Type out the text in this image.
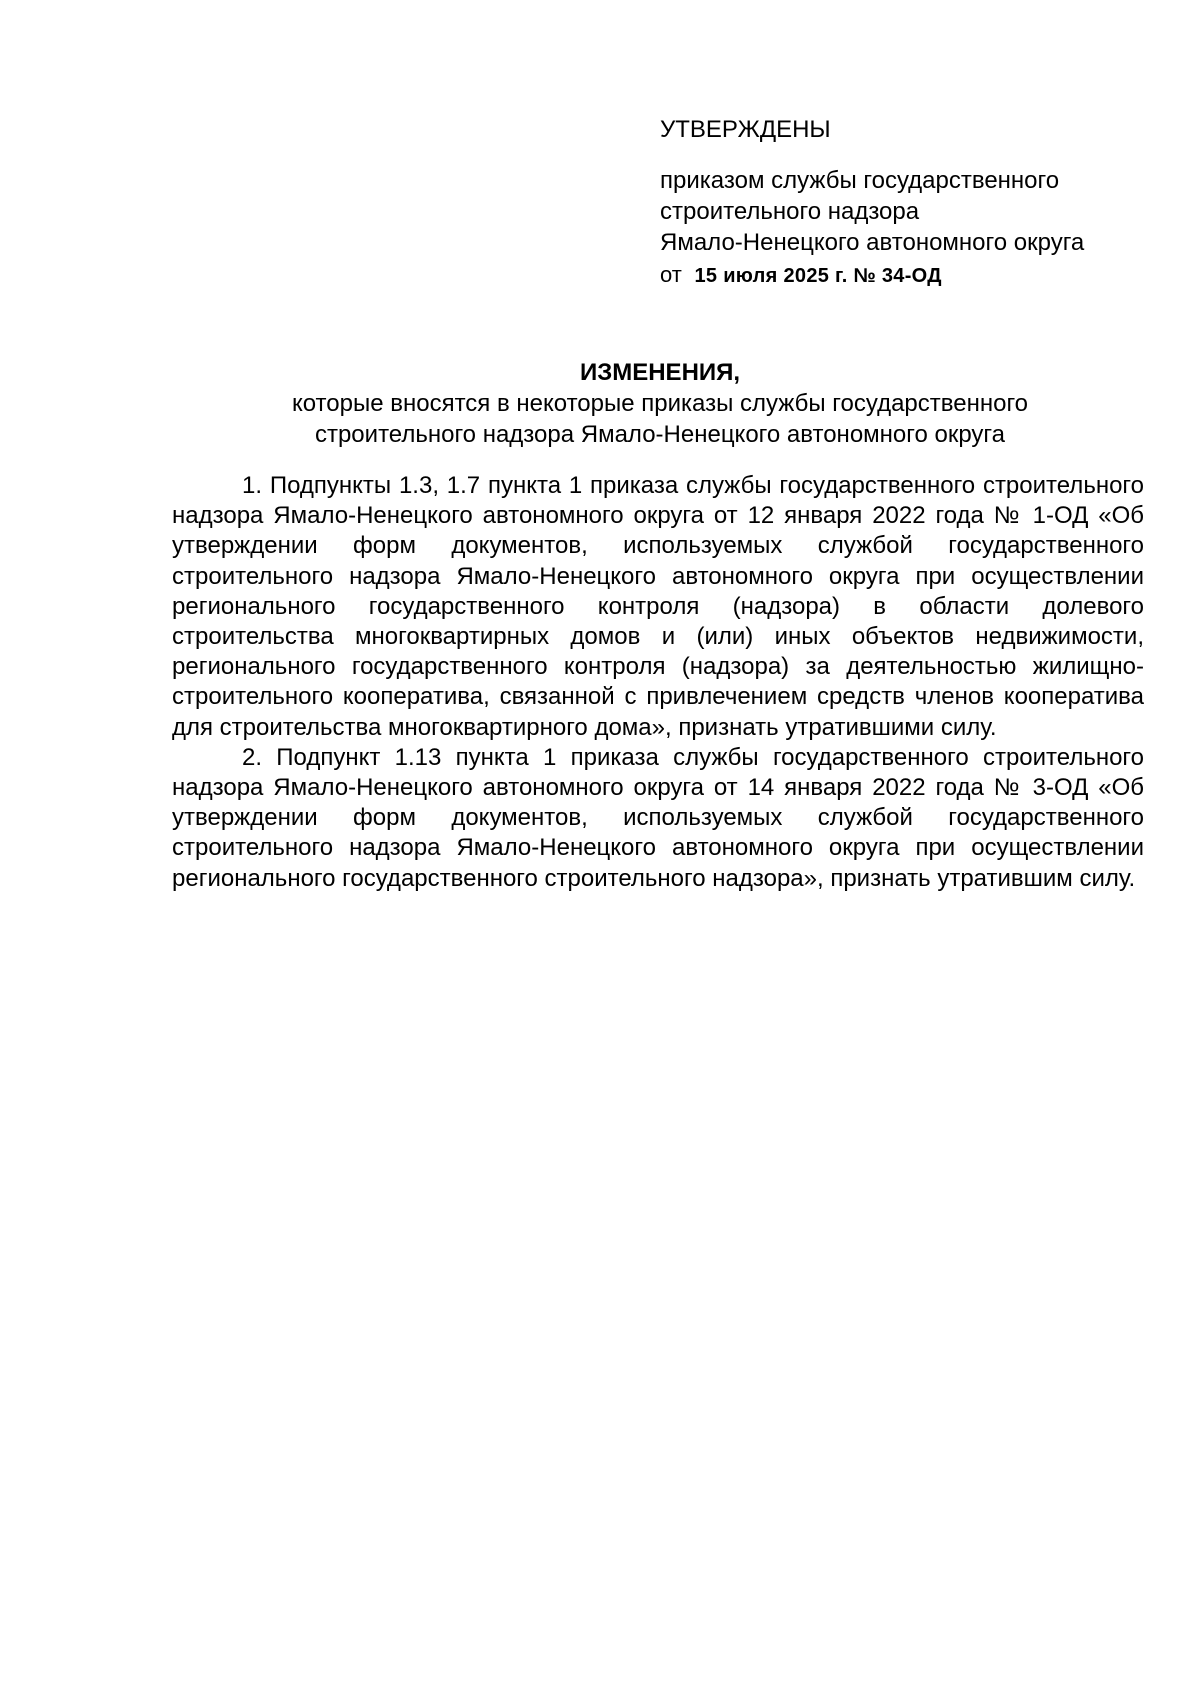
УТВЕРЖДЕНЫ
приказом службы государственного
строительного надзора
Ямало-Ненецкого автономного округа
от 15 июля 2025 г. № 34-ОД
ИЗМЕНЕНИЯ,
которые вносятся в некоторые приказы службы государственного
строительного надзора Ямало-Ненецкого автономного округа

1. Подпункты 1.3, 1.7 пункта 1 приказа службы государственного строительного надзора Ямало-Ненецкого автономного округа от 12 января 2022 года № 1-ОД «Об утверждении форм документов, используемых службой государственного строительного надзора Ямало-Ненецкого автономного округа при осуществлении регионального государственного контроля (надзора) в области долевого строительства многоквартирных домов и (или) иных объектов недвижимости, регионального государственного контроля (надзора) за деятельностью жилищно-строительного кооператива, связанной с привлечением средств членов кооператива для строительства многоквартирного дома», признать утратившими силу.

2. Подпункт 1.13 пункта 1 приказа службы государственного строительного надзора Ямало-Ненецкого автономного округа от 14 января 2022 года № 3-ОД «Об утверждении форм документов, используемых службой государственного строительного надзора Ямало-Ненецкого автономного округа при осуществлении регионального государственного строительного надзора», признать утратившим силу.
